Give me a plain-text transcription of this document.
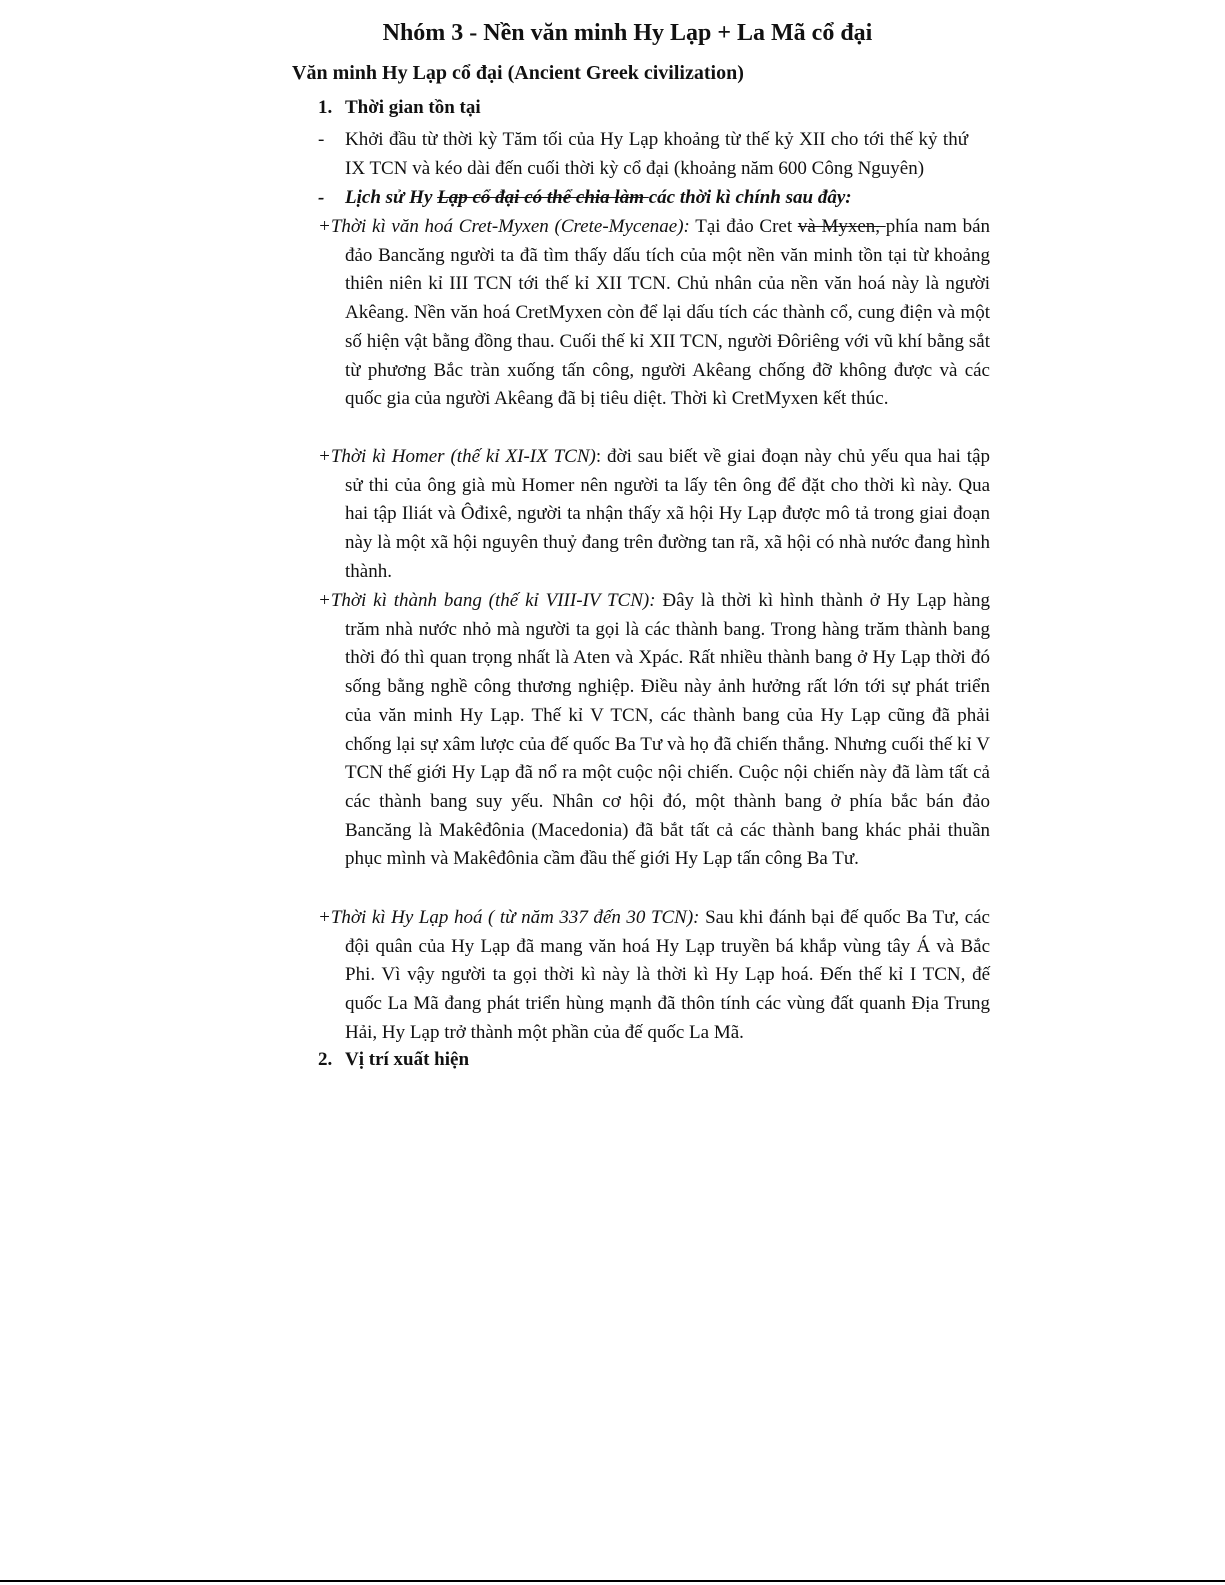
Nhóm 3 - Nền văn minh Hy Lạp + La Mã cổ đại
Văn minh Hy Lạp cổ đại (Ancient Greek civilization)

1. Thời gian tồn tại

- Khởi đầu từ thời kỳ Tăm tối của Hy Lạp khoảng từ thế kỷ XII cho tới thế kỷ thứ IX TCN và kéo dài đến cuối thời kỳ cổ đại (khoảng năm 600 Công Nguyên)

- Lịch sử Hy Lạp cổ đại có thể chia làm các thời kì chính sau đây:

+Thời kì văn hoá Cret-Myxen (Crete-Mycenae): Tại đảo Cret và Myxen, phía nam bán đảo Bancăng người ta đã tìm thấy dấu tích của một nền văn minh tồn tại từ khoảng thiên niên kỉ III TCN tới thế kỉ XII TCN. Chủ nhân của nền văn hoá này là người Akêang. Nền văn hoá CretMyxen còn để lại dấu tích các thành cổ, cung điện và một số hiện vật bằng đồng thau. Cuối thế kỉ XII TCN, người Đôriêng với vũ khí bằng sắt từ phương Bắc tràn xuống tấn công, người Akêang chống đỡ không được và các quốc gia của người Akêang đã bị tiêu diệt. Thời kì CretMyxen kết thúc.

+Thời kì Homer (thế kỉ XI-IX TCN): đời sau biết về giai đoạn này chủ yếu qua hai tập sử thi của ông già mù Homer nên người ta lấy tên ông để đặt cho thời kì này. Qua hai tập Iliát và Ôđixê, người ta nhận thấy xã hội Hy Lạp được mô tả trong giai đoạn này là một xã hội nguyên thuỷ đang trên đường tan rã, xã hội có nhà nước đang hình thành.

+Thời kì thành bang (thế kỉ VIII-IV TCN): Đây là thời kì hình thành ở Hy Lạp hàng trăm nhà nước nhỏ mà người ta gọi là các thành bang. Trong hàng trăm thành bang thời đó thì quan trọng nhất là Aten và Xpác. Rất nhiều thành bang ở Hy Lạp thời đó sống bằng nghề công thương nghiệp. Điều này ảnh hưởng rất lớn tới sự phát triển của văn minh Hy Lạp. Thế kỉ V TCN, các thành bang của Hy Lạp cũng đã phải chống lại sự xâm lược của đế quốc Ba Tư và họ đã chiến thắng. Nhưng cuối thế kỉ V TCN thế giới Hy Lạp đã nổ ra một cuộc nội chiến. Cuộc nội chiến này đã làm tất cả các thành bang suy yếu. Nhân cơ hội đó, một thành bang ở phía bắc bán đảo Bancăng là Makêđônia (Macedonia) đã bắt tất cả các thành bang khác phải thuần phục mình và Makêđônia cầm đầu thế giới Hy Lạp tấn công Ba Tư.

+Thời kì Hy Lạp hoá ( từ năm 337 đến 30 TCN): Sau khi đánh bại đế quốc Ba Tư, các đội quân của Hy Lạp đã mang văn hoá Hy Lạp truyền bá khắp vùng tây Á và Bắc Phi. Vì vậy người ta gọi thời kì này là thời kì Hy Lạp hoá. Đến thế kỉ I TCN, đế quốc La Mã đang phát triển hùng mạnh đã thôn tính các vùng đất quanh Địa Trung Hải, Hy Lạp trở thành một phần của đế quốc La Mã.

2. Vị trí xuất hiện
